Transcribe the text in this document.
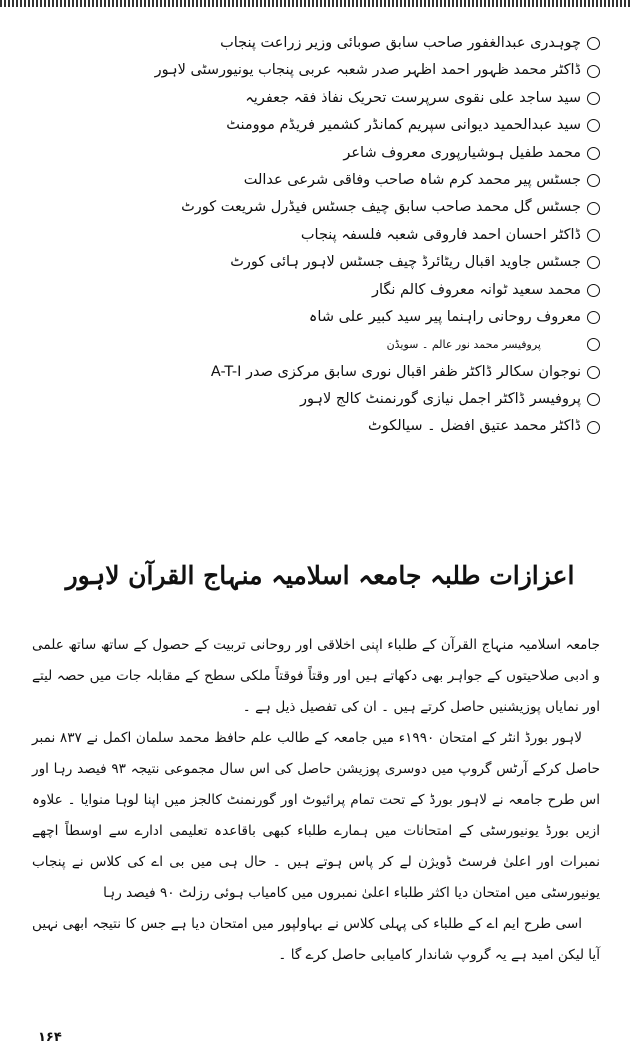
چوہدری عبدالغفور صاحب سابق صوبائی وزیر زراعت پنجاب
ڈاکٹر محمد ظہور احمد اظہر صدر شعبہ عربی پنجاب یونیورسٹی لاہور
سید ساجد علی نقوی سرپرست تحریک نفاذ فقہ جعفریہ
سید عبدالحمید دیوانی سپریم کمانڈر کشمیر فریڈم موومنٹ
محمد طفیل ہوشیارپوری معروف شاعر
جسٹس پیر محمد کرم شاہ صاحب وفاقی شرعی عدالت
جسٹس گل محمد صاحب سابق چیف جسٹس فیڈرل شریعت کورٹ
ڈاکٹر احسان احمد فاروقی شعبہ فلسفہ پنجاب
جسٹس جاوید اقبال ریٹائرڈ چیف جسٹس لاہور ہائی کورٹ
محمد سعید ٹوانہ معروف کالم نگار
معروف روحانی راہنما پیر سید کبیر علی شاہ
پروفیسر محمد نور عالم ۔ سویڈن
نوجوان سکالر ڈاکٹر ظفر اقبال نوری سابق مرکزی صدر A-T-I
پروفیسر ڈاکٹر اجمل نیازی گورنمنٹ کالج لاہور
ڈاکٹر محمد عتیق افضل ۔ سیالکوٹ
اعزازات طلبہ جامعہ اسلامیہ منہاج القرآن لاہور

جامعہ اسلامیہ منہاج القرآن کے طلباء اپنی اخلاقی اور روحانی تربیت کے حصول کے ساتھ ساتھ علمی و ادبی صلاحیتوں کے جواہر بھی دکھاتے ہیں اور وقتاً فوقتاً ملکی سطح کے مقابلہ جات میں حصہ لیتے اور نمایاں پوزیشنیں حاصل کرتے ہیں ۔ ان کی تفصیل ذیل ہے ۔

لاہور بورڈ انٹر کے امتحان ۱۹۹۰ء میں جامعہ کے طالب علم حافظ محمد سلمان اکمل نے ۸۳۷ نمبر حاصل کرکے آرٹس گروپ میں دوسری پوزیشن حاصل کی اس سال مجموعی نتیجہ ۹۳ فیصد رہا اور اس طرح جامعہ نے لاہور بورڈ کے تحت تمام پرائیوٹ اور گورنمنٹ کالجز میں اپنا لوہا منوایا ۔ علاوہ ازیں بورڈ یونیورسٹی کے امتحانات میں ہمارے طلباء کبھی باقاعدہ تعلیمی ادارے سے اوسطاً اچھے نمبرات اور اعلیٰ فرسٹ ڈویژن لے کر پاس ہوتے ہیں ۔ حال ہی میں بی اے کی کلاس نے پنجاب یونیورسٹی میں امتحان دیا اکثر طلباء اعلیٰ نمبروں میں کامیاب ہوئی رزلٹ ۹۰ فیصد رہا

اسی طرح ایم اے کے طلباء کی پہلی کلاس نے بہاولپور میں امتحان دیا ہے جس کا نتیجہ ابھی نہیں آیا لیکن امید ہے یہ گروپ شاندار کامیابی حاصل کرے گا ۔

۱۶۴
